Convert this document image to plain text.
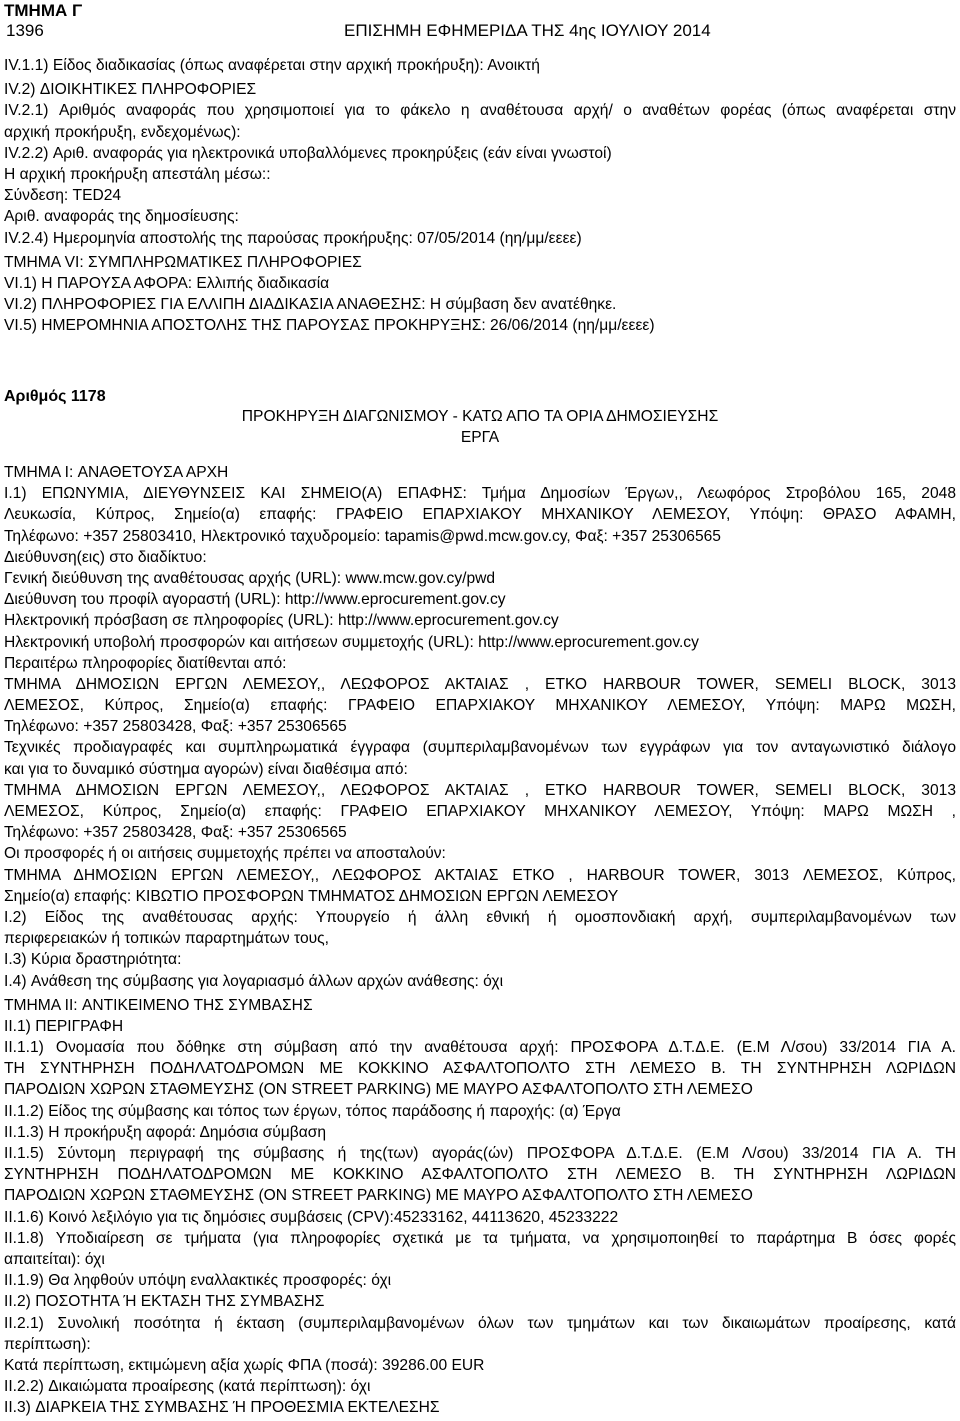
ΤΜΗΜΑ Γ
1396	ΕΠΙΣΗΜΗ ΕΦΗΜΕΡΙΔΑ ΤΗΣ 4ης ΙΟΥΛΙΟΥ 2014
IV.1.1) Είδος διαδικασίας (όπως αναφέρεται στην αρχική προκήρυξη): Ανοικτή
IV.2) ΔΙΟΙΚΗΤΙΚΕΣ ΠΛΗΡΟΦΟΡΙΕΣ
IV.2.1) Αριθμός αναφοράς που χρησιμοποιεί για το φάκελο η αναθέτουσα αρχή/ ο αναθέτων φορέας (όπως αναφέρεται στην
αρχική προκήρυξη, ενδεχομένως):
IV.2.2) Αριθ. αναφοράς για ηλεκτρονικά υποβαλλόμενες προκηρύξεις (εάν είναι γνωστοί)
Η αρχική προκήρυξη απεστάλη μέσω::
Σύνδεση: TED24
Αριθ. αναφοράς της δημοσίευσης:
IV.2.4) Ημερομηνία αποστολής της παρούσας προκήρυξης: 07/05/2014 (ηη/μμ/εεεε)
ΤΜΗΜΑ VI: ΣΥΜΠΛΗΡΩΜΑΤΙΚΕΣ ΠΛΗΡΟΦΟΡΙΕΣ
VI.1) Η ΠΑΡΟΥΣΑ ΑΦΟΡΑ: Ελλιπής διαδικασία
VI.2) ΠΛΗΡΟΦΟΡΙΕΣ ΓΙΑ ΕΛΛΙΠΗ ΔΙΑΔΙΚΑΣΙΑ ΑΝΑΘΕΣΗΣ: Η σύμβαση δεν ανατέθηκε.
VI.5) ΗΜΕΡΟΜΗΝΙΑ ΑΠΟΣΤΟΛΗΣ ΤΗΣ ΠΑΡΟΥΣΑΣ ΠΡΟΚΗΡΥΞΗΣ: 26/06/2014 (ηη/μμ/εεεε)
Αριθμός 1178
ΠΡΟΚΗΡΥΞΗ ΔΙΑΓΩΝΙΣΜΟΥ - ΚΑΤΩ ΑΠΟ ΤΑ ΟΡΙΑ ΔΗΜΟΣΙΕΥΣΗΣ
ΕΡΓΑ
ΤΜΗΜΑ I: ΑΝΑΘΕΤΟΥΣΑ ΑΡΧΗ
I.1) ΕΠΩΝΥΜΙΑ, ΔΙΕΥΘΥΝΣΕΙΣ ΚΑΙ ΣΗΜΕΙΟ(Α) ΕΠΑΦΗΣ: Τμήμα Δημοσίων Έργων,, Λεωφόρος Στροβόλου 165, 2048
Λευκωσία, Κύπρος, Σημείο(α) επαφής: ΓΡΑΦΕΙΟ ΕΠΑΡΧΙΑΚΟΥ ΜΗΧΑΝΙΚΟΥ ΛΕΜΕΣΟΥ, Υπόψη: ΘΡΑΣΟ ΑΦΑΜΗ,
Τηλέφωνο: +357 25803410, Ηλεκτρονικό ταχυδρομείο: tapamis@pwd.mcw.gov.cy, Φαξ: +357 25306565
Διεύθυνση(εις) στο διαδίκτυο:
Γενική διεύθυνση της αναθέτουσας αρχής (URL): www.mcw.gov.cy/pwd
Διεύθυνση του προφίλ αγοραστή (URL): http://www.eprocurement.gov.cy
Ηλεκτρονική πρόσβαση σε πληροφορίες (URL): http://www.eprocurement.gov.cy
Ηλεκτρονική υποβολή προσφορών και αιτήσεων συμμετοχής (URL): http://www.eprocurement.gov.cy
Περαιτέρω πληροφορίες διατίθενται από:
ΤΜΗΜΑ ΔΗΜΟΣΙΩΝ ΕΡΓΩΝ ΛΕΜΕΣΟΥ,, ΛΕΩΦΟΡΟΣ ΑΚΤΑΙΑΣ , ΕΤΚΟ HARBOUR TOWER, SEMELI BLOCK, 3013
ΛΕΜΕΣΟΣ, Κύπρος, Σημείο(α) επαφής: ΓΡΑΦΕΙΟ ΕΠΑΡΧΙΑΚΟΥ ΜΗΧΑΝΙΚΟΥ ΛΕΜΕΣΟΥ, Υπόψη: ΜΑΡΩ ΜΩΣΗ,
Τηλέφωνο: +357 25803428, Φαξ: +357 25306565
Τεχνικές προδιαγραφές και συμπληρωματικά έγγραφα (συμπεριλαμβανομένων των εγγράφων για τον ανταγωνιστικό διάλογο
και για το δυναμικό σύστημα αγορών) είναι διαθέσιμα από:
ΤΜΗΜΑ ΔΗΜΟΣΙΩΝ ΕΡΓΩΝ ΛΕΜΕΣΟΥ,, ΛΕΩΦΟΡΟΣ ΑΚΤΑΙΑΣ , ΕΤΚΟ HARBOUR TOWER, SEMELI BLOCK, 3013
ΛΕΜΕΣΟΣ, Κύπρος, Σημείο(α) επαφής: ΓΡΑΦΕΙΟ ΕΠΑΡΧΙΑΚΟΥ ΜΗΧΑΝΙΚΟΥ ΛΕΜΕΣΟΥ, Υπόψη: ΜΑΡΩ ΜΩΣΗ ,
Τηλέφωνο: +357 25803428, Φαξ: +357 25306565
Οι προσφορές ή οι αιτήσεις συμμετοχής πρέπει να αποσταλούν:
ΤΜΗΜΑ ΔΗΜΟΣΙΩΝ ΕΡΓΩΝ ΛΕΜΕΣΟΥ,, ΛΕΩΦΟΡΟΣ ΑΚΤΑΙΑΣ ΕΤΚΟ , HARBOUR TOWER, 3013 ΛΕΜΕΣΟΣ, Κύπρος,
Σημείο(α) επαφής: ΚΙΒΩΤΙΟ ΠΡΟΣΦΟΡΩΝ ΤΜΗΜΑΤΟΣ ΔΗΜΟΣΙΩΝ ΕΡΓΩΝ ΛΕΜΕΣΟΥ
I.2) Είδος της αναθέτουσας αρχής: Υπουργείο ή άλλη εθνική ή ομοσπονδιακή αρχή, συμπεριλαμβανομένων των
περιφερειακών ή τοπικών παραρτημάτων τους,
I.3) Κύρια δραστηριότητα:
I.4) Ανάθεση της σύμβασης για λογαριασμό άλλων αρχών ανάθεσης: όχι
ΤΜΗΜΑ II: ΑΝΤΙΚΕΙΜΕΝΟ ΤΗΣ ΣΥΜΒΑΣΗΣ
II.1) ΠΕΡΙΓΡΑΦΗ
II.1.1) Ονομασία που δόθηκε στη σύμβαση από την αναθέτουσα αρχή: ΠΡΟΣΦΟΡΑ Δ.Τ.Δ.Ε. (Ε.Μ Λ/σου) 33/2014 ΓΙΑ Α.
ΤΗ ΣΥΝΤΗΡΗΣΗ ΠΟΔΗΛΑΤΟΔΡΟΜΩΝ ΜΕ ΚΟΚΚΙΝΟ ΑΣΦΑΛΤΟΠΟΛΤΟ ΣΤΗ ΛΕΜΕΣΟ Β. ΤΗ ΣΥΝΤΗΡΗΣΗ ΛΩΡΙΔΩΝ
ΠΑΡΟΔΙΩΝ ΧΩΡΩΝ ΣΤΑΘΜΕΥΣΗΣ (ON STREET PARKING) ΜΕ ΜΑΥΡΟ ΑΣΦΑΛΤΟΠΟΛΤΟ ΣΤΗ ΛΕΜΕΣΟ
II.1.2) Είδος της σύμβασης και τόπος των έργων, τόπος παράδοσης ή παροχής: (α) Έργα
II.1.3) Η προκήρυξη αφορά: Δημόσια σύμβαση
II.1.5) Σύντομη περιγραφή της σύμβασης ή της(των) αγοράς(ών) ΠΡΟΣΦΟΡΑ Δ.Τ.Δ.Ε. (Ε.Μ Λ/σου) 33/2014 ΓΙΑ Α. ΤΗ
ΣΥΝΤΗΡΗΣΗ ΠΟΔΗΛΑΤΟΔΡΟΜΩΝ ΜΕ ΚΟΚΚΙΝΟ ΑΣΦΑΛΤΟΠΟΛΤΟ ΣΤΗ ΛΕΜΕΣΟ Β. ΤΗ ΣΥΝΤΗΡΗΣΗ ΛΩΡΙΔΩΝ
ΠΑΡΟΔΙΩΝ ΧΩΡΩΝ ΣΤΑΘΜΕΥΣΗΣ (ON STREET PARKING) ΜΕ ΜΑΥΡΟ ΑΣΦΑΛΤΟΠΟΛΤΟ ΣΤΗ ΛΕΜΕΣΟ
II.1.6) Κοινό λεξιλόγιο για τις δημόσιες συμβάσεις (CPV):45233162, 44113620, 45233222
II.1.8) Υποδιαίρεση σε τμήματα (για πληροφορίες σχετικά με τα τμήματα, να χρησιμοποιηθεί το παράρτημα Β όσες φορές
απαιτείται): όχι
II.1.9) Θα ληφθούν υπόψη εναλλακτικές προσφορές: όχι
II.2) ΠΟΣΟΤΗΤΑ Ή ΕΚΤΑΣΗ ΤΗΣ ΣΥΜΒΑΣΗΣ
II.2.1) Συνολική ποσότητα ή έκταση (συμπεριλαμβανομένων όλων των τμημάτων και των δικαιωμάτων προαίρεσης, κατά
περίπτωση):
Κατά περίπτωση, εκτιμώμενη αξία χωρίς ΦΠΑ (ποσά): 39286.00 EUR
II.2.2) Δικαιώματα προαίρεσης (κατά περίπτωση): όχι
II.3) ΔΙΑΡΚΕΙΑ ΤΗΣ ΣΥΜΒΑΣΗΣ Ή ΠΡΟΘΕΣΜΙΑ ΕΚΤΕΛΕΣΗΣ
